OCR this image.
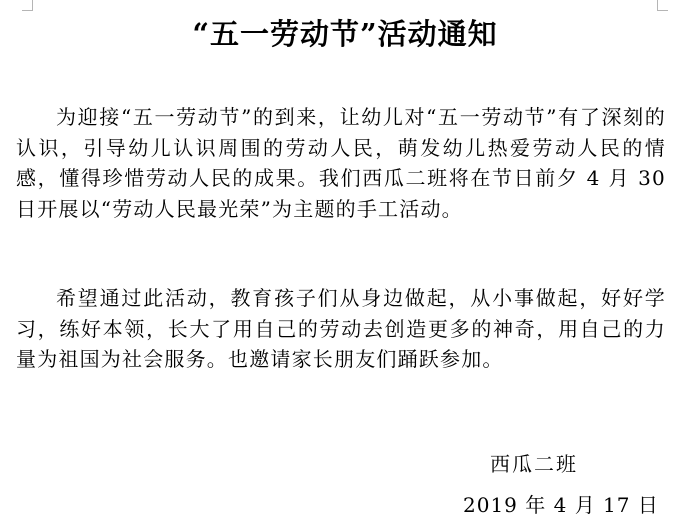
“五一劳动节”活动通知

为迎接“五一劳动节”的到来，让幼儿对“五一劳动节”有了深刻的认识，引导幼儿认识周围的劳动人民，萌发幼儿热爱劳动人民的情感，懂得珍惜劳动人民的成果。我们西瓜二班将在节日前夕 4 月 30 日开展以“劳动人民最光荣”为主题的手工活动。

希望通过此活动，教育孩子们从身边做起，从小事做起，好好学习，练好本领，长大了用自己的劳动去创造更多的神奇，用自己的力量为祖国为社会服务。也邀请家长朋友们踊跃参加。

西瓜二班
2019 年 4 月 17 日
